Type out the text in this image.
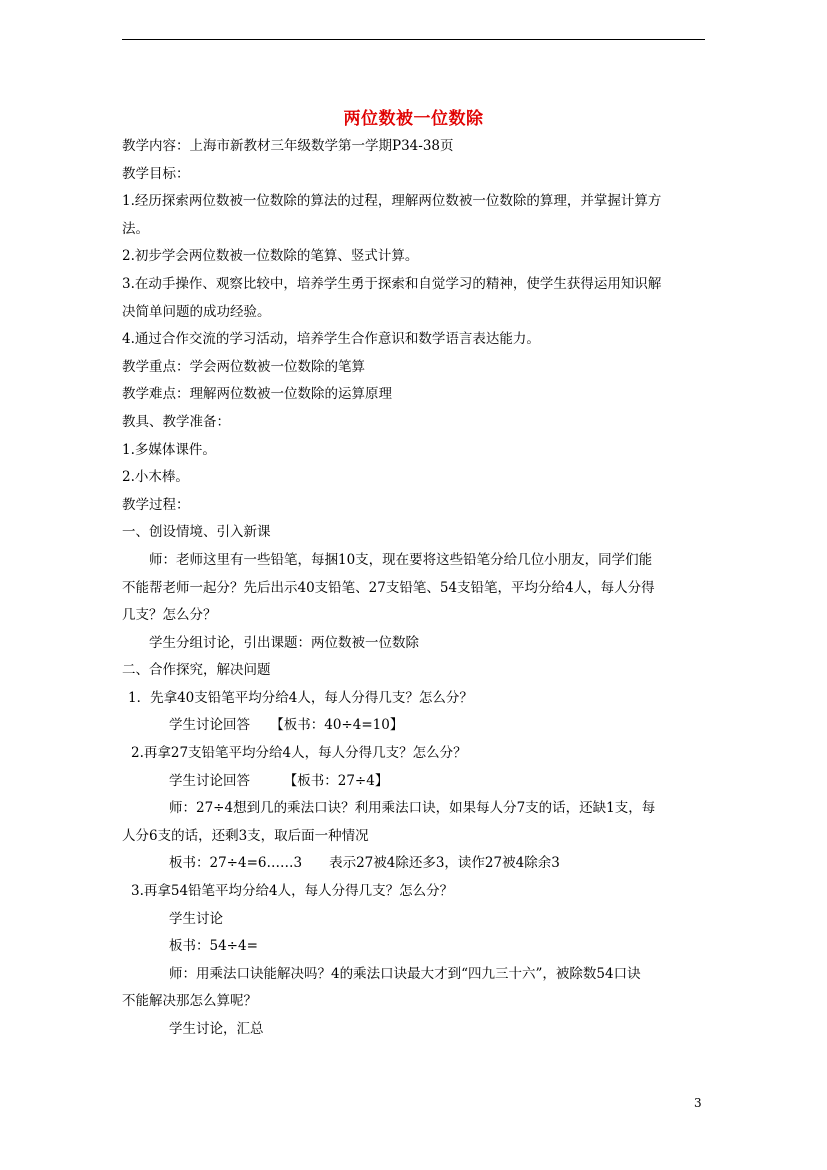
两位数被一位数除
教学内容：上海市新教材三年级数学第一学期P34-38页
教学目标：
1.经历探索两位数被一位数除的算法的过程，理解两位数被一位数除的算理，并掌握计算方
法。
2.初步学会两位数被一位数除的笔算、竖式计算。
3.在动手操作、观察比较中，培养学生勇于探索和自觉学习的精神，使学生获得运用知识解
决简单问题的成功经验。
4.通过合作交流的学习活动，培养学生合作意识和数学语言表达能力。
教学重点：学会两位数被一位数除的笔算
教学难点：理解两位数被一位数除的运算原理
教具、教学准备：
1.多媒体课件。
2.小木棒。
教学过程：
一、创设情境、引入新课
师：老师这里有一些铅笔，每捆10支，现在要将这些铅笔分给几位小朋友，同学们能
不能帮老师一起分？先后出示40支铅笔、27支铅笔、54支铅笔，平均分给4人，每人分得
几支？怎么分？
学生分组讨论，引出课题：两位数被一位数除
二、合作探究，解决问题
1．先拿40支铅笔平均分给4人，每人分得几支？怎么分？
学生讨论回答　　【板书：40÷4=10】
2.再拿27支铅笔平均分给4人，每人分得几支？怎么分？
学生讨论回答　　　【板书：27÷4】
师：27÷4想到几的乘法口诀？利用乘法口诀，如果每人分7支的话，还缺1支，每
人分6支的话，还剩3支，取后面一种情况
板书：27÷4=6……3　　表示27被4除还多3，读作27被4除余3
3.再拿54铅笔平均分给4人，每人分得几支？怎么分？
学生讨论
板书：54÷4=
师：用乘法口诀能解决吗？4的乘法口诀最大才到“四九三十六”，被除数54口诀
不能解决那怎么算呢？
学生讨论，汇总
3
